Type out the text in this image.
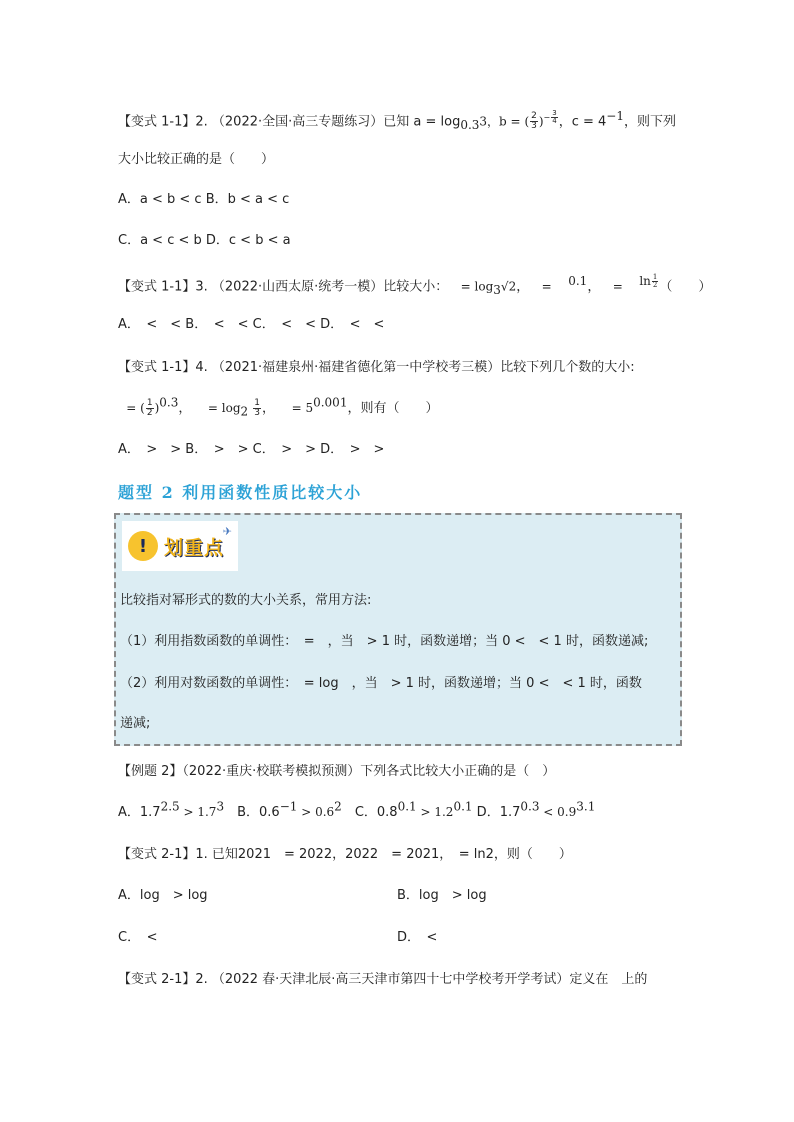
【变式 1-1】2. （2022·全国·高三专题练习）已知 $a = \log_{0.3}3$，b = ( $\frac{2}{3} )^{- \frac{3}{4}}$ ，$c = 4^{-1}$，则下列
大小比较正确的是（　　）
A．a < b < c B．b < a < c
C．a < c < b D．c < b < a
【变式 1-1】3. （2022·山西太原·统考一模）比较大小： = $\log_3√2$， = $^{0.1}$， = $^{ln \frac{1}{2}}$ （　　）
A．　<　< B．　<　< C．　<　< D．　<　<
【变式 1-1】4. （2021·福建泉州·福建省德化第一中学校考三模）比较下列几个数的大小:
= ( $\frac{1}{2} )^{0.3}$， = $\log_2 \frac{1}{3}$ ， = $5^{0.001}$，则有（　　）
A．　>　> B．　>　> C．　>　> D．　>　>
题型 2 利用函数性质比较大小
! 划重点
✈
比较指对幂形式的数的大小关系，常用方法:
（1）利用指数函数的单调性：　=　，当　> 1 时，函数递增；当 0 <　< 1 时，函数递减;
（2）利用对数函数的单调性：　= log　，当　> 1 时，函数递增；当 0 <　< 1 时，函数
递减;
【例题 2】（2022·重庆·校联考模拟预测）下列各式比较大小正确的是（　）
A．$1.7^{2.5} > 1.7^3$　B．$0.6^{-1} > 0.6^2$　C．$0.8^{0.1} > 1.2^{0.1}$ D．$1.7^{0.3} < 0.9^{3.1}$
【变式 2-1】1. 已知2021　= 2022，2022　= 2021，　= ln2，则（　　）
A．log　> log	B．log　> log
C．　<	D．　<
【变式 2-1】2. （2022 春·天津北辰·高三天津市第四十七中学校考开学考试）定义在　上的
